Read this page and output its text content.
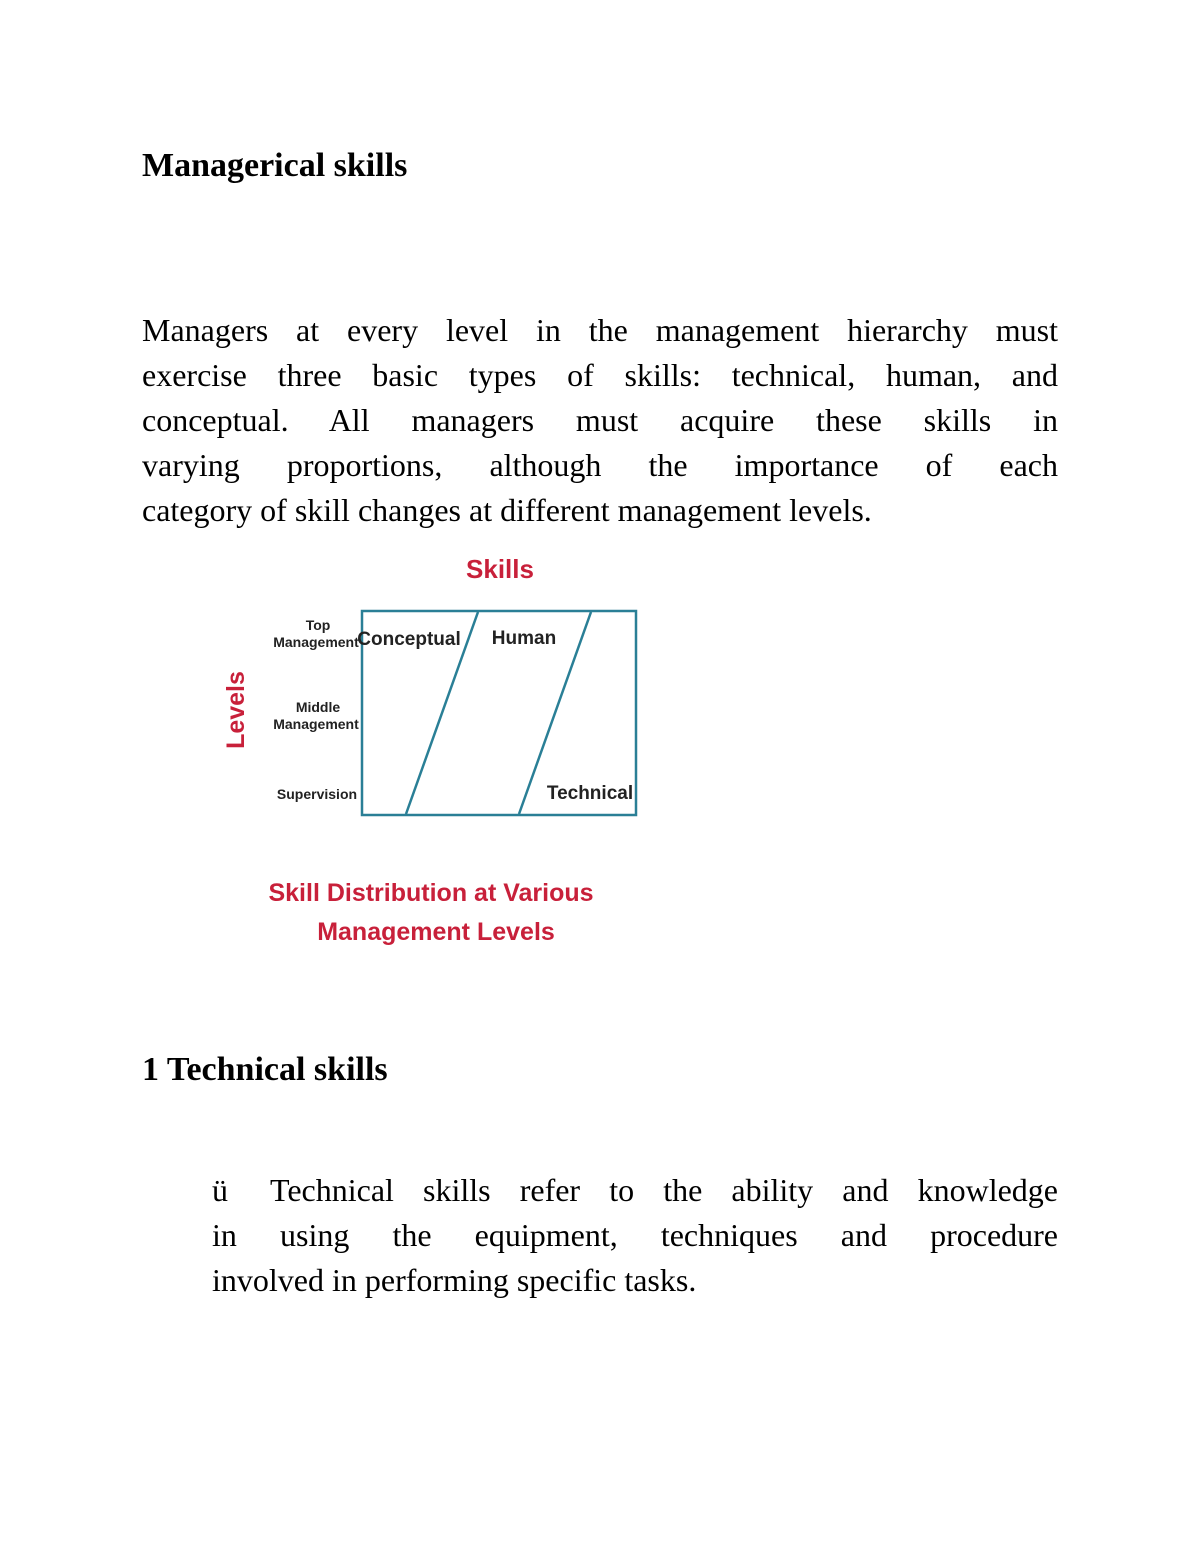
Managerical skills
Managers at every level in the management hierarchy must
exercise three basic types of skills: technical, human, and
conceptual. All managers must acquire these skills in
varying proportions, although the importance of each
category of skill changes at different management levels.
Skills
Levels
Top
Management
Middle
Management
Supervision
Conceptual Human
Technical
Skill Distribution at Various
Management Levels
1 Technical skills
ü Technical skills refer to the ability and knowledge
in using the equipment, techniques and procedure
involved in performing specific tasks.
